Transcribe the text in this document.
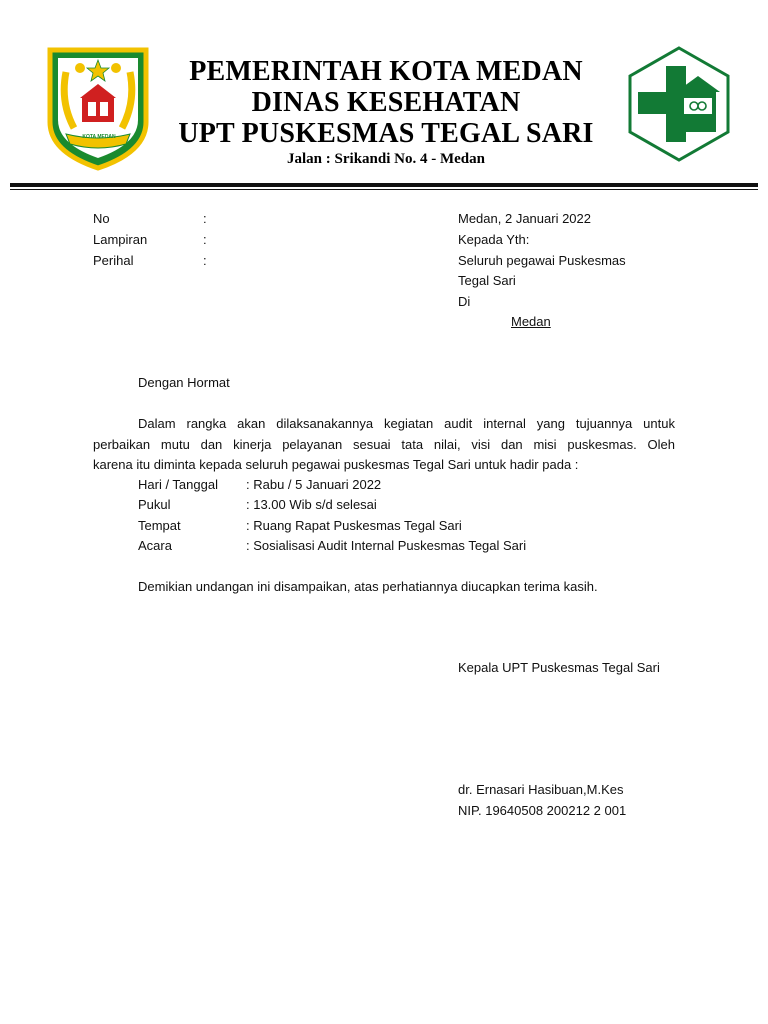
KOTA MEDAN
PEMERINTAH KOTA MEDAN
DINAS KESEHATAN
UPT PUSKESMAS TEGAL SARI
Jalan : Srikandi No. 4 - Medan
No	:
Lampiran	:
Perihal	:
Medan, 2 Januari 2022
Kepada Yth:
Seluruh pegawai Puskesmas
Tegal Sari
Di
Medan
Dengan Hormat
Dalam rangka akan dilaksanakannya kegiatan audit internal yang tujuannya untuk
perbaikan mutu dan kinerja pelayanan sesuai tata nilai, visi dan misi puskesmas. Oleh
karena itu diminta kepada seluruh pegawai puskesmas Tegal Sari untuk hadir pada :
Hari / Tanggal : Rabu / 5 Januari 2022
Pukul	: 13.00 Wib s/d selesai
Tempat	: Ruang Rapat Puskesmas Tegal Sari
Acara	: Sosialisasi Audit Internal Puskesmas Tegal Sari
Demikian undangan ini disampaikan, atas perhatiannya diucapkan terima kasih.
Kepala UPT Puskesmas Tegal Sari
dr. Ernasari Hasibuan,M.Kes
NIP. 19640508 200212 2 001
